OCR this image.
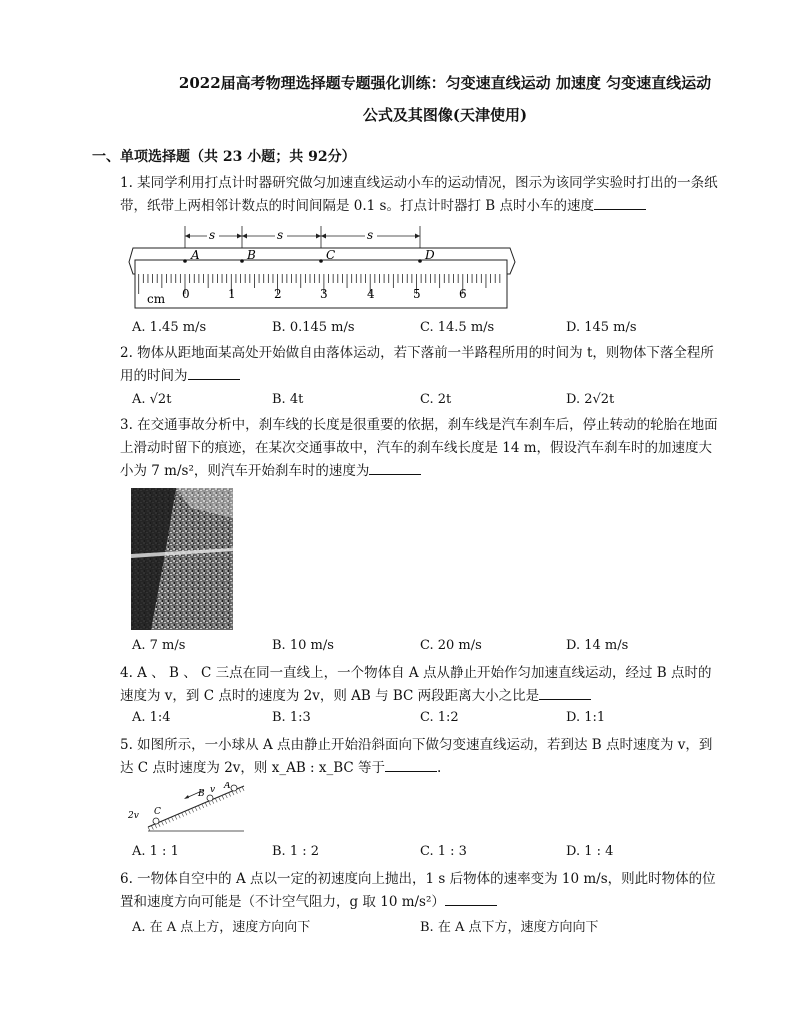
2022届高考物理选择题专题强化训练：匀变速直线运动 加速度 匀变速直线运动
公式及其图像(天津使用)
一、单项选择题（共 23 小题；共 92分）
1. 某同学利用打点计时器研究做匀加速直线运动小车的运动情况，图示为该同学实验时打出的一条纸带，纸带上两相邻计数点的时间间隔是 0.1 s。打点计时器打 B 点时小车的速度
cm 0	1	2	3	4	5	6
A	B	C	D
s	s	s
A. 1.45 m/s	B. 0.145 m/s	C. 14.5 m/s	D. 145 m/s
2. 物体从距地面某高处开始做自由落体运动，若下落前一半路程所用的时间为 t，则物体下落全程所用的时间为
A. √2t	B. 4t	C. 2t	D. 2√2t
3. 在交通事故分析中，刹车线的长度是很重要的依据，刹车线是汽车刹车后，停止转动的轮胎在地面上滑动时留下的痕迹，在某次交通事故中，汽车的刹车线长度是 14 m，假设汽车刹车时的加速度大小为 7 m/s²，则汽车开始刹车时的速度为
A. 7 m/s	B. 10 m/s	C. 20 m/s	D. 14 m/s
4. A 、 B 、 C 三点在同一直线上，一个物体自 A 点从静止开始作匀加速直线运动，经过 B 点时的速度为 v，到 C 点时的速度为 2v，则 AB 与 BC 两段距离大小之比是
A. 1:4	B. 1:3	C. 1:2	D. 1:1
5. 如图所示，一小球从 A 点由静止开始沿斜面向下做匀变速直线运动，若到达 B 点时速度为 v，到达 C 点时速度为 2v，则 x_AB : x_BC 等于	.
A
B
C
v
2v
A. 1 : 1	B. 1 : 2	C. 1 : 3	D. 1 : 4
6. 一物体自空中的 A 点以一定的初速度向上抛出，1 s 后物体的速率变为 10 m/s，则此时物体的位置和速度方向可能是（不计空气阻力，g 取 10 m/s²）
A. 在 A 点上方，速度方向向下	B. 在 A 点下方，速度方向向下
